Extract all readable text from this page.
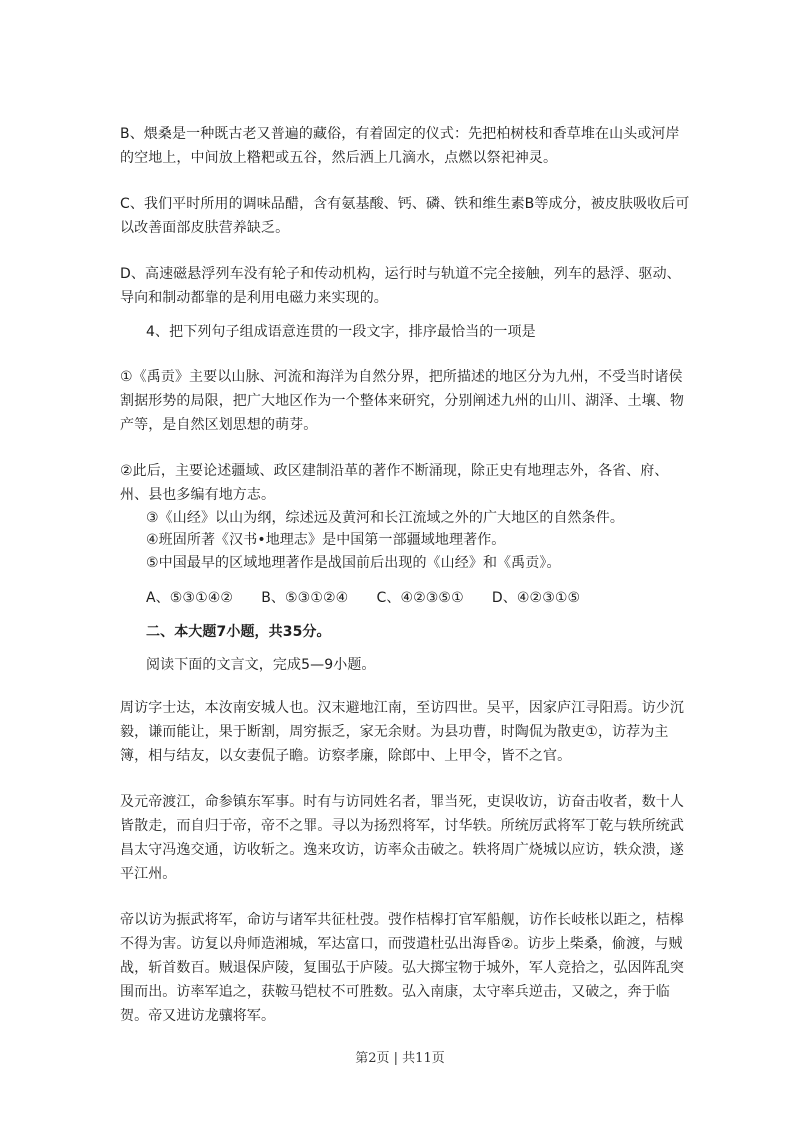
B、煨桑是一种既古老又普遍的藏俗，有着固定的仪式：先把柏树枝和香草堆在山头或河岸的空地上，中间放上糌粑或五谷，然后洒上几滴水，点燃以祭祀神灵。
C、我们平时所用的调味品醋，含有氨基酸、钙、磷、铁和维生素B等成分，被皮肤吸收后可以改善面部皮肤营养缺乏。
D、高速磁悬浮列车没有轮子和传动机构，运行时与轨道不完全接触，列车的悬浮、驱动、导向和制动都靠的是利用电磁力来实现的。
4、把下列句子组成语意连贯的一段文字，排序最恰当的一项是
①《禹贡》主要以山脉、河流和海洋为自然分界，把所描述的地区分为九州，不受当时诸侯割据形势的局限，把广大地区作为一个整体来研究，分别阐述九州的山川、湖泽、土壤、物产等，是自然区划思想的萌芽。
②此后，主要论述疆域、政区建制沿革的著作不断涌现，除正史有地理志外，各省、府、州、县也多编有地方志。
③《山经》以山为纲，综述远及黄河和长江流域之外的广大地区的自然条件。
④班固所著《汉书•地理志》是中国第一部疆域地理著作。
⑤中国最早的区域地理著作是战国前后出现的《山经》和《禹贡》。
A、⑤③①④②　　B、⑤③①②④　　C、④②③⑤①　　D、④②③①⑤
二、本大题7小题，共35分。
阅读下面的文言文，完成5—9小题。
周访字士达，本汝南安城人也。汉末避地江南，至访四世。吴平，因家庐江寻阳焉。访少沉毅，谦而能让，果于断割，周穷振乏，家无余财。为县功曹，时陶侃为散吏①，访荐为主簿，相与结友，以女妻侃子瞻。访察孝廉，除郎中、上甲令，皆不之官。
及元帝渡江，命参镇东军事。时有与访同姓名者，罪当死，吏误收访，访奋击收者，数十人皆散走，而自归于帝，帝不之罪。寻以为扬烈将军，讨华轶。所统厉武将军丁乾与轶所统武昌太守冯逸交通，访收斩之。逸来攻访，访率众击破之。轶将周广烧城以应访，轶众溃，遂平江州。
帝以访为振武将军，命访与诸军共征杜弢。弢作桔槔打官军船舰，访作长岐枨以距之，桔槔不得为害。访复以舟师造湘城，军达富口，而弢遣杜弘出海昏②。访步上柴桑，偷渡，与贼战，斩首数百。贼退保庐陵，复围弘于庐陵。弘大掷宝物于城外，军人竞拾之，弘因阵乱突围而出。访率军追之，获鞍马铠杖不可胜数。弘入南康，太守率兵逆击，又破之，奔于临贺。帝又进访龙骧将军。
第2页 | 共11页
